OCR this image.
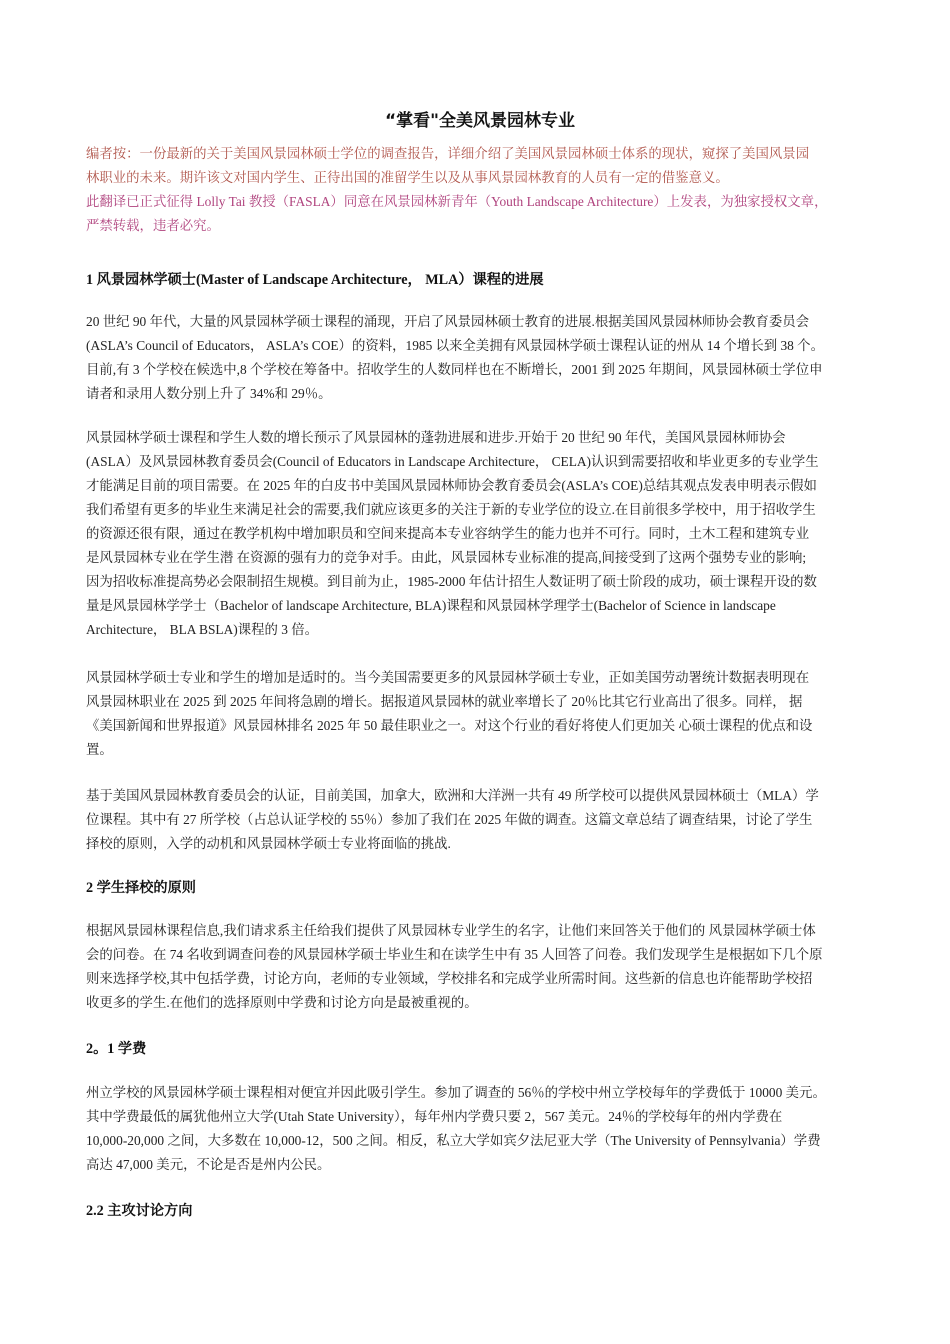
“掌看"全美风景园林专业
编者按：一份最新的关于美国风景园林硕士学位的调查报告，详细介绍了美国风景园林硕士体系的现状，窥探了美国风景园
林职业的未来。期许该文对国内学生、正待出国的准留学生以及从事风景园林教育的人员有一定的借鉴意义。
此翻译已正式征得 Lolly Tai 教授（FASLA）同意在风景园林新青年（Youth Landscape Architecture）上发表，为独家授权文章，
严禁转载，违者必究。
1 风景园林学硕士(Master of Landscape Architecture， MLA）课程的进展
20 世纪 90 年代，大量的风景园林学硕士课程的涌现，开启了风景园林硕士教育的进展.根据美国风景园林师协会教育委员会
(ASLA’s Council of Educators， ASLA’s COE）的资料，1985 以来全美拥有风景园林学硕士课程认证的州从 14 个增长到 38 个。
目前,有 3 个学校在候选中,8 个学校在筹备中。招收学生的人数同样也在不断增长，2001 到 2025 年期间，风景园林硕士学位申
请者和录用人数分别上升了 34%和 29％。
风景园林学硕士课程和学生人数的增长预示了风景园林的蓬勃进展和进步.开始于 20 世纪 90 年代，美国风景园林师协会
(ASLA）及风景园林教育委员会(Council of Educators in Landscape Architecture， CELA)认识到需要招收和毕业更多的专业学生
才能满足目前的项目需要。在 2025 年的白皮书中美国风景园林师协会教育委员会(ASLA’s COE)总结其观点发表申明表示假如
我们希望有更多的毕业生来满足社会的需要,我们就应该更多的关注于新的专业学位的设立.在目前很多学校中，用于招收学生
的资源还很有限，通过在教学机构中增加职员和空间来提高本专业容纳学生的能力也并不可行。同时，土木工程和建筑专业
是风景园林专业在学生潜 在资源的强有力的竞争对手。由此，风景园林专业标准的提高,间接受到了这两个强势专业的影响;
因为招收标准提高势必会限制招生规模。到目前为止，1985-2000 年估计招生人数证明了硕士阶段的成功，硕士课程开设的数
量是风景园林学学士（Bachelor of landscape Architecture, BLA)课程和风景园林学理学士(Bachelor of Science in landscape
Architecture， BLA BSLA)课程的 3 倍。
风景园林学硕士专业和学生的增加是适时的。当今美国需要更多的风景园林学硕士专业，正如美国劳动署统计数据表明现在
风景园林职业在 2025 到 2025 年间将急剧的增长。据报道风景园林的就业率增长了 20％比其它行业高出了很多。同样， 据
《美国新闻和世界报道》风景园林排名 2025 年 50 最佳职业之一。对这个行业的看好将使人们更加关 心硕士课程的优点和设
置。
基于美国风景园林教育委员会的认证，目前美国，加拿大，欧洲和大洋洲一共有 49 所学校可以提供风景园林硕士（MLA）学
位课程。其中有 27 所学校（占总认证学校的 55％）参加了我们在 2025 年做的调查。这篇文章总结了调查结果，讨论了学生
择校的原则，入学的动机和风景园林学硕士专业将面临的挑战.
2 学生择校的原则
根据风景园林课程信息,我们请求系主任给我们提供了风景园林专业学生的名字，让他们来回答关于他们的 风景园林学硕士体
会的问卷。在 74 名收到调查问卷的风景园林学硕士毕业生和在读学生中有 35 人回答了问卷。我们发现学生是根据如下几个原
则来选择学校,其中包括学费，讨论方向，老师的专业领域，学校排名和完成学业所需时间。这些新的信息也许能帮助学校招
收更多的学生.在他们的选择原则中学费和讨论方向是最被重视的。
2。1 学费
州立学校的风景园林学硕士课程相对便宜并因此吸引学生。参加了调查的 56％的学校中州立学校每年的学费低于 10000 美元。
其中学费最低的属犹他州立大学(Utah State University），每年州内学费只要 2，567 美元。24％的学校每年的州内学费在
10,000-20,000 之间，大多数在 10,000-12，500 之间。相反，私立大学如宾夕法尼亚大学（The University of Pennsylvania）学费
高达 47,000 美元，不论是否是州内公民。
2.2 主攻讨论方向
